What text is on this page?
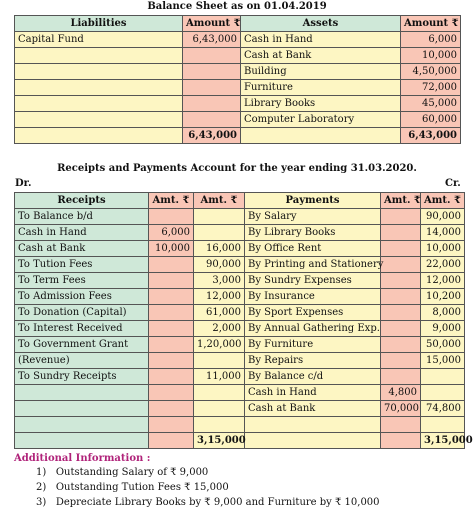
Balance Sheet as on 01.04.2019
Liabilities	Amount ₹	Assets	Amount ₹
Capital Fund	6,43,000	Cash in Hand	6,000
		Cash at Bank	10,000
		Building	4,50,000
		Furniture	72,000
		Library Books	45,000
		Computer Laboratory	60,000
	6,43,000		6,43,000
Receipts and Payments Account for the year ending 31.03.2020.
Dr.	Cr.
Receipts	Amt. ₹	Amt. ₹	Payments	Amt. ₹	Amt. ₹
To Balance b/d			By Salary		90,000
Cash in Hand	6,000		By Library Books		14,000
Cash at Bank	10,000	16,000	By Office Rent		10,000
To Tution Fees		90,000	By Printing and Stationery		22,000
To Term Fees		3,000	By Sundry Expenses		12,000
To Admission Fees		12,000	By Insurance		10,200
To Donation (Capital)		61,000	By Sport Expenses		8,000
To Interest Received		2,000	By Annual Gathering Exp.		9,000
To Government Grant		1,20,000	By Furniture		50,000
(Revenue)			By Repairs		15,000
To Sundry Receipts		11,000	By Balance c/d		
			Cash in Hand	4,800	
			Cash at Bank	70,000	74,800

		3,15,000			3,15,000
Additional Information :
1) Outstanding Salary of ₹ 9,000
2) Outstanding Tution Fees ₹ 15,000
3) Depreciate Library Books by ₹ 9,000 and Furniture by ₹ 10,000
